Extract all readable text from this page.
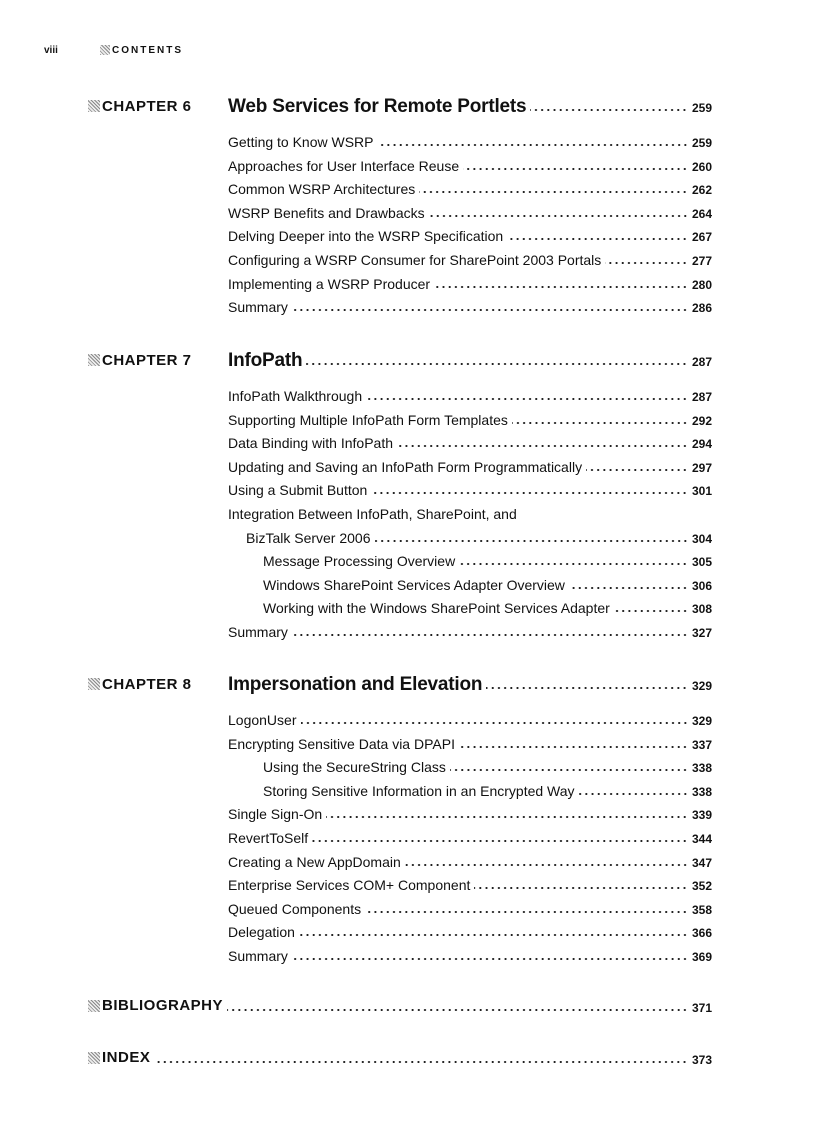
viii	CONTENTS
CHAPTER 6 Web Services for Remote Portlets	259
Getting to Know WSRP	259
Approaches for User Interface Reuse	260
Common WSRP Architectures	262
WSRP Benefits and Drawbacks	264
Delving Deeper into the WSRP Specification	267
Configuring a WSRP Consumer for SharePoint 2003 Portals	277
Implementing a WSRP Producer	280
Summary	286
CHAPTER 7 InfoPath	287
InfoPath Walkthrough	287
Supporting Multiple InfoPath Form Templates	292
Data Binding with InfoPath	294
Updating and Saving an InfoPath Form Programmatically	297
Using a Submit Button	301
Integration Between InfoPath, SharePoint, and
BizTalk Server 2006	304
Message Processing Overview	305
Windows SharePoint Services Adapter Overview	306
Working with the Windows SharePoint Services Adapter	308
Summary	327
CHAPTER 8 Impersonation and Elevation	329
LogonUser	329
Encrypting Sensitive Data via DPAPI	337
Using the SecureString Class	338
Storing Sensitive Information in an Encrypted Way	338
Single Sign-On	339
RevertToSelf	344
Creating a New AppDomain	347
Enterprise Services COM+ Component	352
Queued Components	358
Delegation	366
Summary	369
BIBLIOGRAPHY	371
INDEX	373
